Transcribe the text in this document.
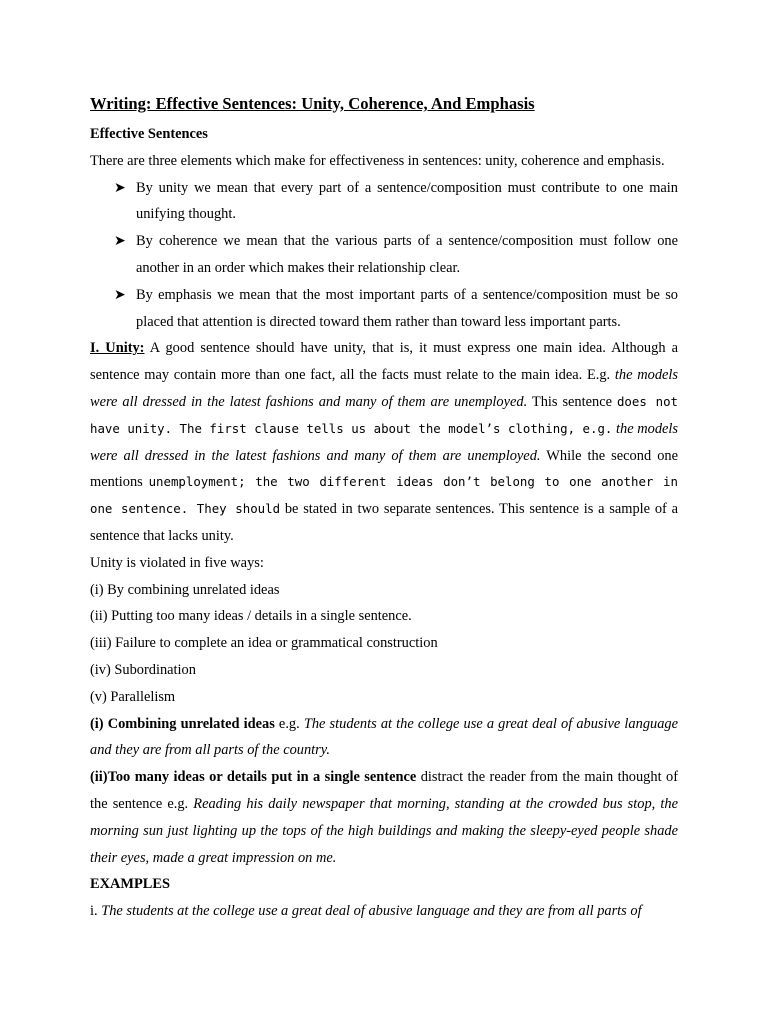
Writing: Effective Sentences: Unity, Coherence, And Emphasis

Effective Sentences

There are three elements which make for effectiveness in sentences: unity, coherence and emphasis.

➤ By unity we mean that every part of a sentence/composition must contribute to one main unifying thought.
➤ By coherence we mean that the various parts of a sentence/composition must follow one another in an order which makes their relationship clear.
➤ By emphasis we mean that the most important parts of a sentence/composition must be so placed that attention is directed toward them rather than toward less important parts.

I. Unity: A good sentence should have unity, that is, it must express one main idea. Although a sentence may contain more than one fact, all the facts must relate to the main idea. E.g. the models were all dressed in the latest fashions and many of them are unemployed. This sentence does not have unity. The first clause tells us about the model’s clothing, e.g. the models were all dressed in the latest fashions and many of them are unemployed. While the second one mentions unemployment; the two different ideas don’t belong to one another in one sentence. They should be stated in two separate sentences. This sentence is a sample of a sentence that lacks unity.

Unity is violated in five ways:

(i) By combining unrelated ideas

(ii) Putting too many ideas / details in a single sentence.

(iii) Failure to complete an idea or grammatical construction

(iv) Subordination

(v) Parallelism

(i) Combining unrelated ideas e.g. The students at the college use a great deal of abusive language and they are from all parts of the country.

(ii)Too many ideas or details put in a single sentence distract the reader from the main thought of the sentence e.g. Reading his daily newspaper that morning, standing at the crowded bus stop, the morning sun just lighting up the tops of the high buildings and making the sleepy-eyed people shade their eyes, made a great impression on me.

EXAMPLES

i. The students at the college use a great deal of abusive language and they are from all parts of
